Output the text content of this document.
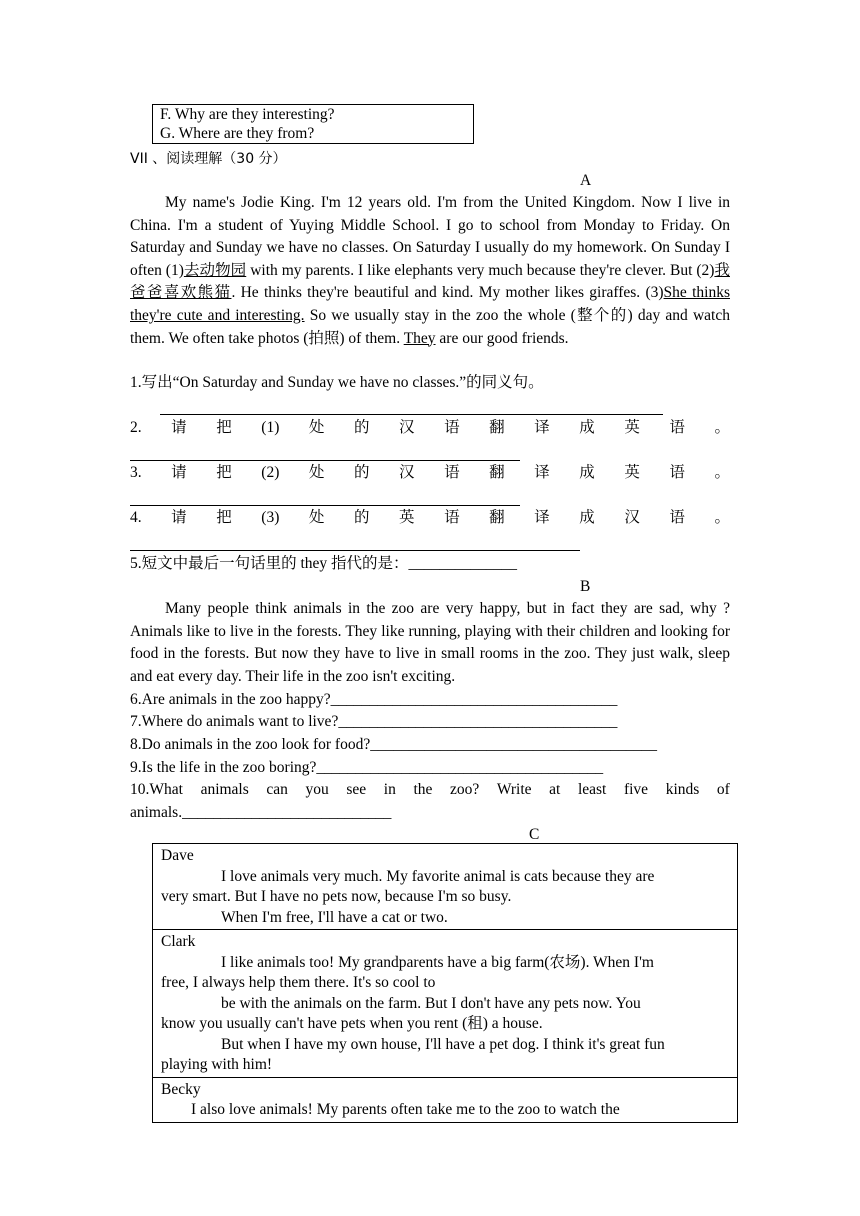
F. Why are they interesting?
G. Where are they from?
VII 、阅读理解（30 分）
A
My name's Jodie King. I'm 12 years old. I'm from the United Kingdom. Now I live in China. I'm a student of Yuying Middle School. I go to school from Monday to Friday. On Saturday and Sunday we have no classes. On Saturday I usually do my homework. On Sunday I often (1)去动物园 with my parents. I like elephants very much because they're clever. But (2)我爸爸喜欢熊猫. He thinks they're beautiful and kind. My mother likes giraffes. (3)She thinks they're cute and interesting. So we usually stay in the zoo the whole (整个的) day and watch them. We often take photos (拍照) of them. They are our good friends.
1.写出“On Saturday and Sunday we have no classes.”的同义句。
2. 请 把 (1) 处 的 汉 语 翻 译 成 英 语 。
3. 请 把 (2) 处 的 汉 语 翻 译 成 英 语 。
4. 请 把 (3) 处 的 英 语 翻 译 成 汉 语 。
5.短文中最后一句话里的 they 指代的是：______________
B
Many people think animals in the zoo are very happy, but in fact they are sad, why ? Animals like to live in the forests. They like running, playing with their children and looking for food in the forests. But now they have to live in small rooms in the zoo. They just walk, sleep and eat every day. Their life in the zoo isn't exciting.
6.Are animals in the zoo happy?_____________________________________
7.Where do animals want to live?____________________________________
8.Do animals in the zoo look for food?_____________________________________
9.Is the life in the zoo boring?_____________________________________
10.What animals can you see in the zoo? Write at least five kinds of
animals.___________________________
C
Dave
I love animals very much. My favorite animal is cats because they are
very smart. But I have no pets now, because I'm so busy.
When I'm free, I'll have a cat or two.

Clark
I like animals too! My grandparents have a big farm(农场). When I'm
free, I always help them there. It's so cool to
be with the animals on the farm. But I don't have any pets now. You
know you usually can't have pets when you rent (租) a house.
But when I have my own house, I'll have a pet dog. I think it's great fun
playing with him!

Becky
I also love animals! My parents often take me to the zoo to watch the
